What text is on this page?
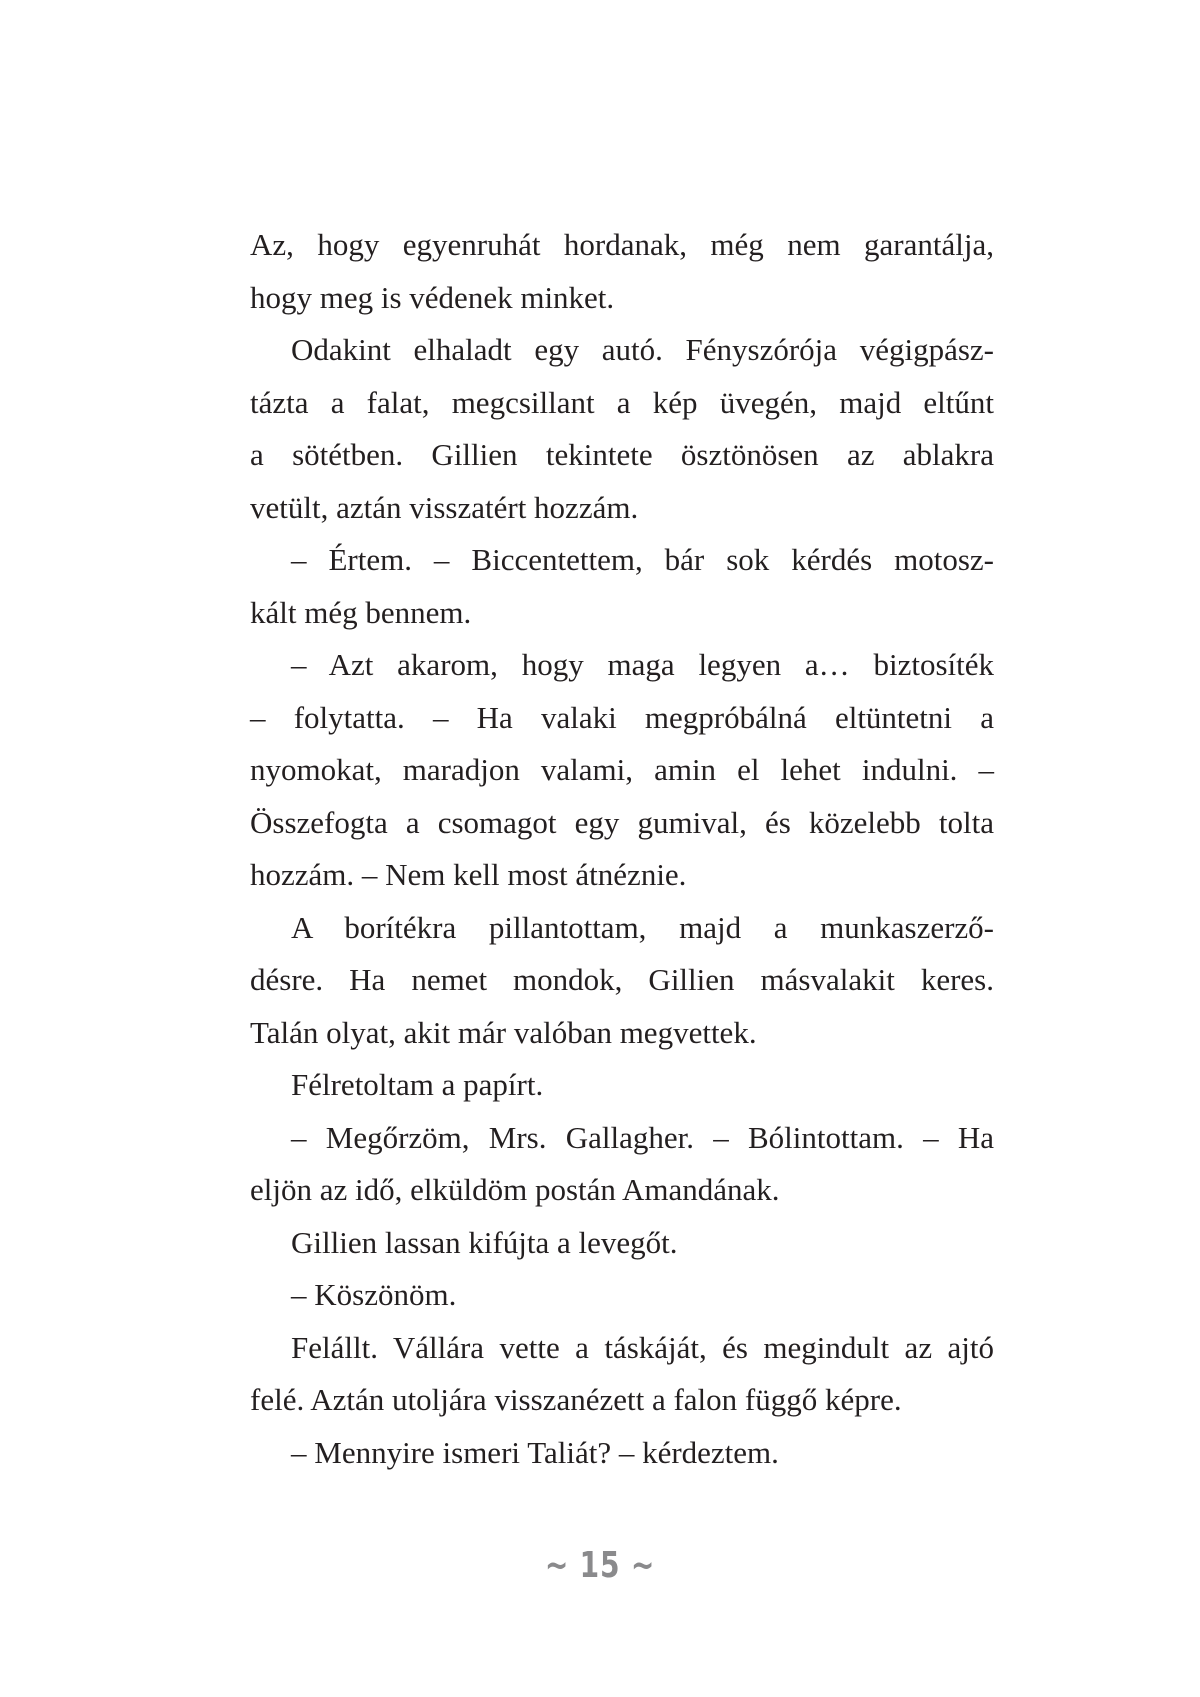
Az, hogy egyenruhát hordanak, még nem garantálja,
hogy meg is védenek minket.
Odakint elhaladt egy autó. Fényszórója végigpász-
tázta a falat, megcsillant a kép üvegén, majd eltűnt
a sötétben. Gillien tekintete ösztönösen az ablakra
vetült, aztán visszatért hozzám.
– Értem. – Biccentettem, bár sok kérdés motosz-
kált még bennem.
– Azt akarom, hogy maga legyen a… biztosíték
– folytatta. – Ha valaki megpróbálná eltüntetni a
nyomokat, maradjon valami, amin el lehet indulni. –
Összefogta a csomagot egy gumival, és közelebb tolta
hozzám. – Nem kell most átnéznie.
A borítékra pillantottam, majd a munkaszerző-
désre. Ha nemet mondok, Gillien másvalakit keres.
Talán olyat, akit már valóban megvettek.
Félretoltam a papírt.
– Megőrzöm, Mrs. Gallagher. – Bólintottam. – Ha
eljön az idő, elküldöm postán Amandának.
Gillien lassan kifújta a levegőt.
– Köszönöm.
Felállt. Vállára vette a táskáját, és megindult az ajtó
felé. Aztán utoljára visszanézett a falon függő képre.
– Mennyire ismeri Taliát? – kérdeztem.
~ 15 ~
